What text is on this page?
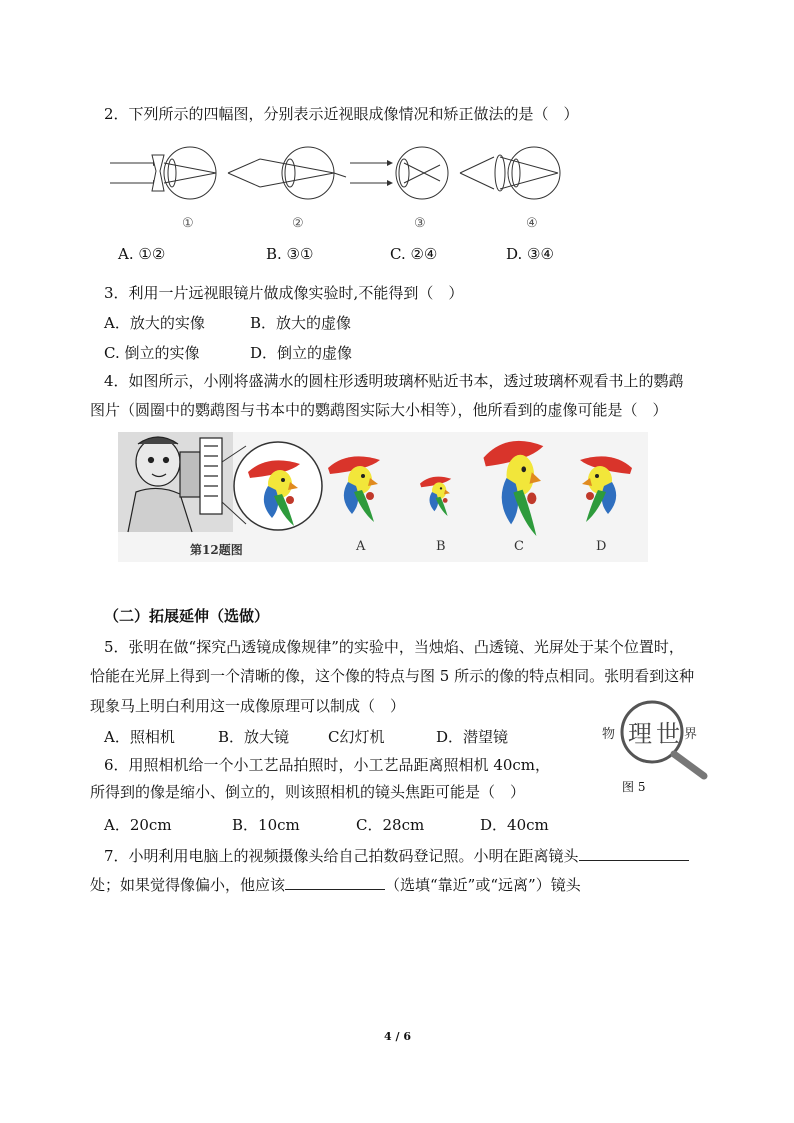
2．下列所示的四幅图，分别表示近视眼成像情况和矫正做法的是（　）
①	②	③	④
A. ①②	B. ③①	C. ②④	D. ③④
3．利用一片远视眼镜片做成像实验时,不能得到（　）
A．放大的实像	B．放大的虚像
C. 倒立的实像	D．倒立的虚像
4．如图所示，小刚将盛满水的圆柱形透明玻璃杯贴近书本，透过玻璃杯观看书上的鹦鹉
图片（圆圈中的鹦鹉图与书本中的鹦鹉图实际大小相等），他所看到的虚像可能是（　）
第12题图	A	B	C	D
（二）拓展延伸（选做）
5．张明在做“探究凸透镜成像规律”的实验中，当烛焰、凸透镜、光屏处于某个位置时，
恰能在光屏上得到一个清晰的像，这个像的特点与图 5 所示的像的特点相同。张明看到这种
现象马上明白利用这一成像原理可以制成（　）
A．照相机	B．放大镜	C幻灯机	D．潜望镜	物 理 世 界
图 5
6．用照相机给一个小工艺品拍照时，小工艺品距离照相机 40cm，
所得到的像是缩小、倒立的，则该照相机的镜头焦距可能是（　）
A．20cm	B．10cm	C．28cm	D．40cm
7．小明利用电脑上的视频摄像头给自己拍数码登记照。小明在距离镜头
处；如果觉得像偏小，他应该	（选填“靠近”或“远离”）镜头
4 / 6
